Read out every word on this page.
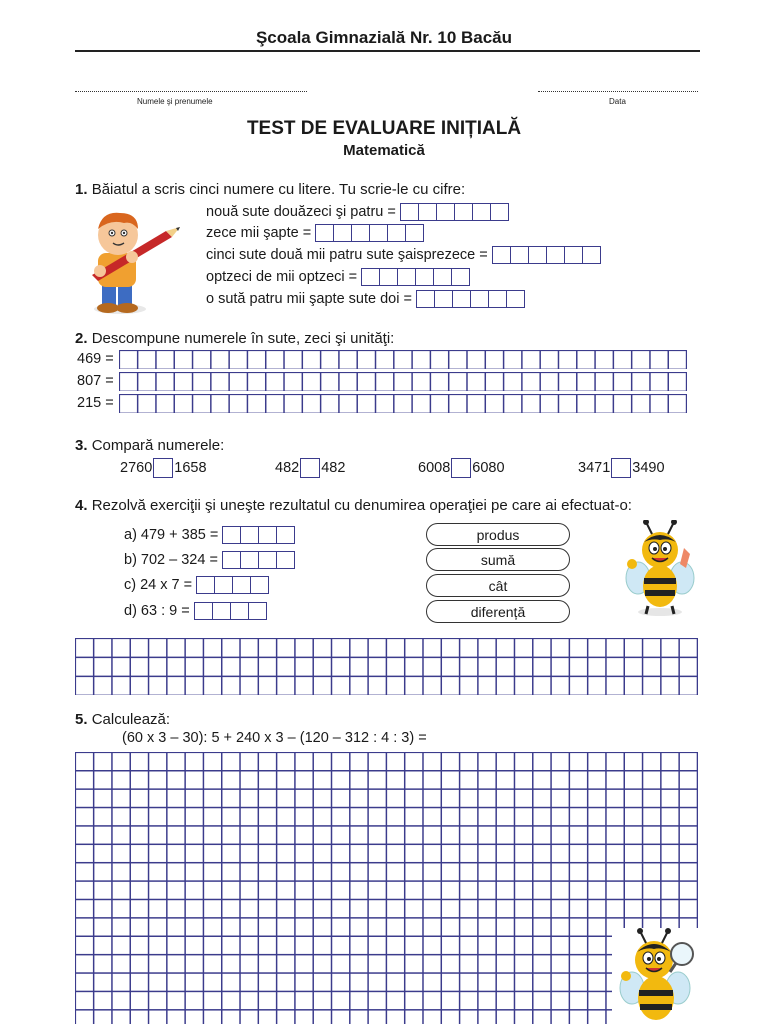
Şcoala Gimnazială Nr. 10 Bacău
Numele şi prenumele	Data
TEST DE EVALUARE INIȚIALĂ
Matematică
1. Băiatul a scris cinci numere cu litere. Tu scrie-le cu cifre:
nouă sute douăzeci şi patru =
zece mii şapte =
cinci sute două mii patru sute şaisprezece =
optzeci de mii optzeci =
o sută patru mii şapte sute doi =
2. Descompune numerele în sute, zeci şi unităţi:
469 =
807 =
215 =
3. Compară numerele:
2760 1658	482 482	6008 6080	3471 3490
4. Rezolvă exerciţii şi uneşte rezultatul cu denumirea operaţiei pe care ai efectuat-o:
a) 479 + 385 =
b) 702 – 324 =
c) 24 x 7 =
d) 63 : 9 =
produs
sumă
cât
diferență
5. Calculează:
(60 x 3 – 30): 5 + 240 x 3 – (120 – 312 : 4 : 3) =
